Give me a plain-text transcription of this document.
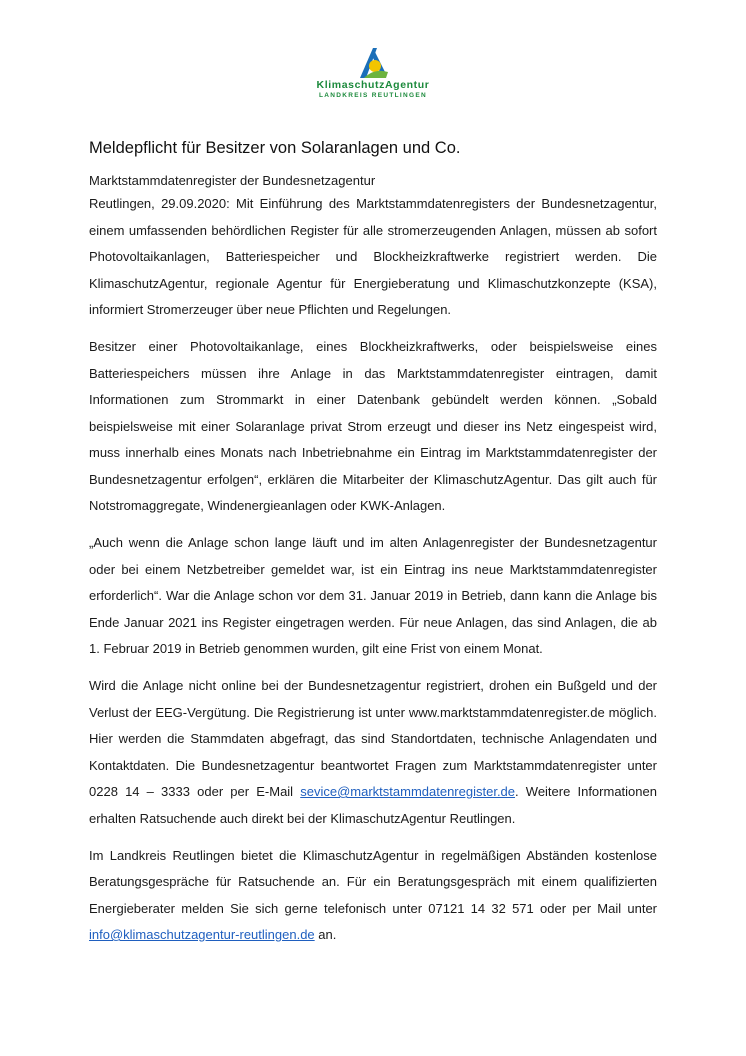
KlimaschutzAgentur
LANDKREIS REUTLINGEN
Meldepflicht für Besitzer von Solaranlagen und Co.
Marktstammdatenregister der Bundesnetzagentur

Reutlingen, 29.09.2020: Mit Einführung des Marktstammdatenregisters der Bundesnetzagentur, einem umfassenden behördlichen Register für alle stromerzeugenden Anlagen, müssen ab sofort Photovoltaikanlagen, Batteriespeicher und Blockheizkraftwerke registriert werden. Die KlimaschutzAgentur, regionale Agentur für Energieberatung und Klimaschutzkonzepte (KSA), informiert Stromerzeuger über neue Pflichten und Regelungen.

Besitzer einer Photovoltaikanlage, eines Blockheizkraftwerks, oder beispielsweise eines Batteriespeichers müssen ihre Anlage in das Marktstammdatenregister eintragen, damit Informationen zum Strommarkt in einer Datenbank gebündelt werden können. „Sobald beispielsweise mit einer Solaranlage privat Strom erzeugt und dieser ins Netz eingespeist wird, muss innerhalb eines Monats nach Inbetriebnahme ein Eintrag im Marktstammdatenregister der Bundesnetzagentur erfolgen“, erklären die Mitarbeiter der KlimaschutzAgentur. Das gilt auch für Notstromaggregate, Windenergieanlagen oder KWK-Anlagen.

„Auch wenn die Anlage schon lange läuft und im alten Anlagenregister der Bundesnetzagentur oder bei einem Netzbetreiber gemeldet war, ist ein Eintrag ins neue Marktstammdatenregister erforderlich“. War die Anlage schon vor dem 31. Januar 2019 in Betrieb, dann kann die Anlage bis Ende Januar 2021 ins Register eingetragen werden. Für neue Anlagen, das sind Anlagen, die ab 1. Februar 2019 in Betrieb genommen wurden, gilt eine Frist von einem Monat.

Wird die Anlage nicht online bei der Bundesnetzagentur registriert, drohen ein Bußgeld und der Verlust der EEG-Vergütung. Die Registrierung ist unter www.marktstammdatenregister.de möglich. Hier werden die Stammdaten abgefragt, das sind Standortdaten, technische Anlagendaten und Kontaktdaten. Die Bundesnetzagentur beantwortet Fragen zum Marktstammdatenregister unter 0228 14 – 3333 oder per E-Mail sevice@marktstammdatenregister.de. Weitere Informationen erhalten Ratsuchende auch direkt bei der KlimaschutzAgentur Reutlingen.

Im Landkreis Reutlingen bietet die KlimaschutzAgentur in regelmäßigen Abständen kostenlose Beratungsgespräche für Ratsuchende an. Für ein Beratungsgespräch mit einem qualifizierten Energieberater melden Sie sich gerne telefonisch unter 07121 14 32 571 oder per Mail unter info@klimaschutzagentur-reutlingen.de an.
